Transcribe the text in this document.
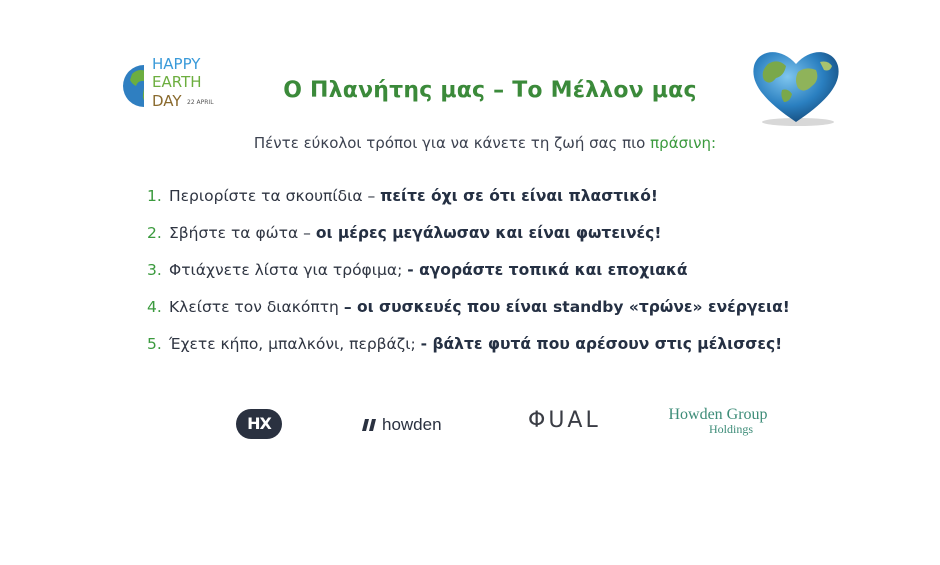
HAPPY
EARTH
DAY 22 APRIL	Ο Πλανήτης μας – Το Μέλλον μας
Πέντε εύκολοι τρόποι για να κάνετε τη ζωή σας πιο πράσινη:
1. Περιορίστε τα σκουπίδια – πείτε όχι σε ότι είναι πλαστικό!
2. Σβήστε τα φώτα – οι μέρες μεγάλωσαν και είναι φωτεινές!
3. Φτιάχνετε λίστα για τρόφιμα; - αγοράστε τοπικά και εποχιακά
4. Κλείστε τον διακόπτη – οι συσκευές που είναι standby «τρώνε» ενέργεια!
5. Έχετε κήπο, μπαλκόνι, περβάζι; - βάλτε φυτά που αρέσουν στις μέλισσες!
HX	howden	ΦUAL	Howden Group
Holdings
